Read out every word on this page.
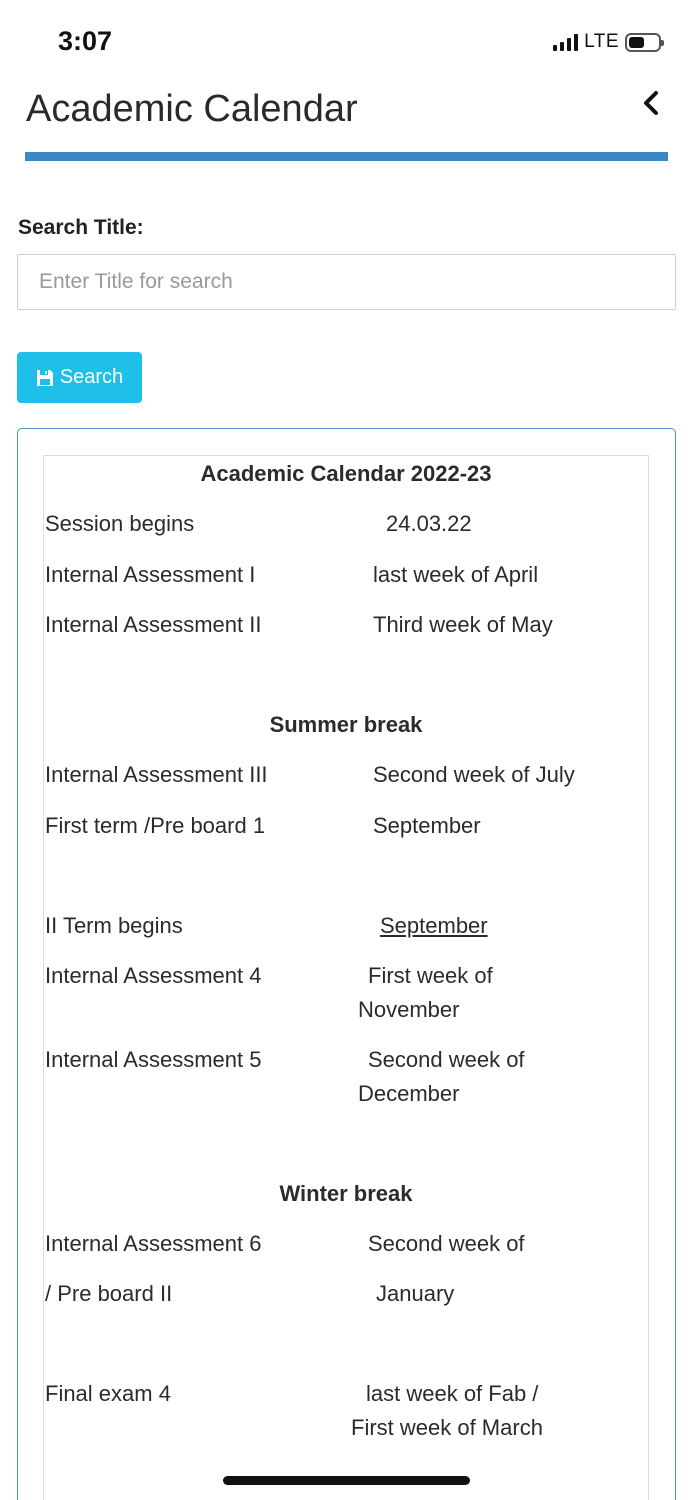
3:07	LTE
Academic Calendar
Search Title:
Enter Title for search
Search
Academic Calendar 2022-23
Session begins	24.03.22
Internal Assessment I	last week of April
Internal Assessment II	Third week of May
Summer break
Internal Assessment III	Second week of July
First term /Pre board 1	September
II Term begins	September
Internal Assessment 4	First week of
November
Internal Assessment 5	Second week of
December
Winter break
Internal Assessment 6	Second week of
/ Pre board II	January
Final exam 4	last week of Fab /
First week of March
